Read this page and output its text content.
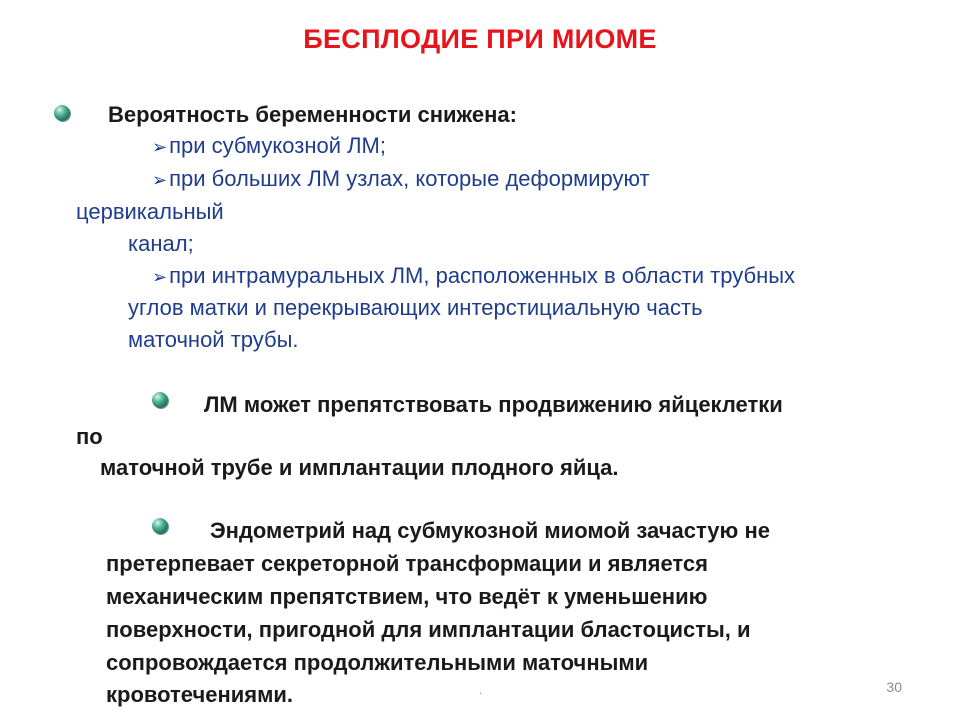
БЕСПЛОДИЕ ПРИ МИОМЕ
Вероятность беременности снижена:
➢при субмукозной ЛМ;
➢при больших ЛМ узлах, которые деформируют
цервикальный
канал;
➢при интрамуральных ЛМ, расположенных в области трубных
углов матки и перекрывающих интерстициальную часть
маточной трубы.
ЛМ может препятствовать продвижению яйцеклетки
по
маточной трубе и имплантации плодного яйца.
Эндометрий над субмукозной миомой зачастую не
претерпевает секреторной трансформации и является
механическим препятствием, что ведёт к уменьшению
поверхности, пригодной для имплантации бластоцисты, и
сопровождается продолжительными маточными
кровотечениями.	.	30
